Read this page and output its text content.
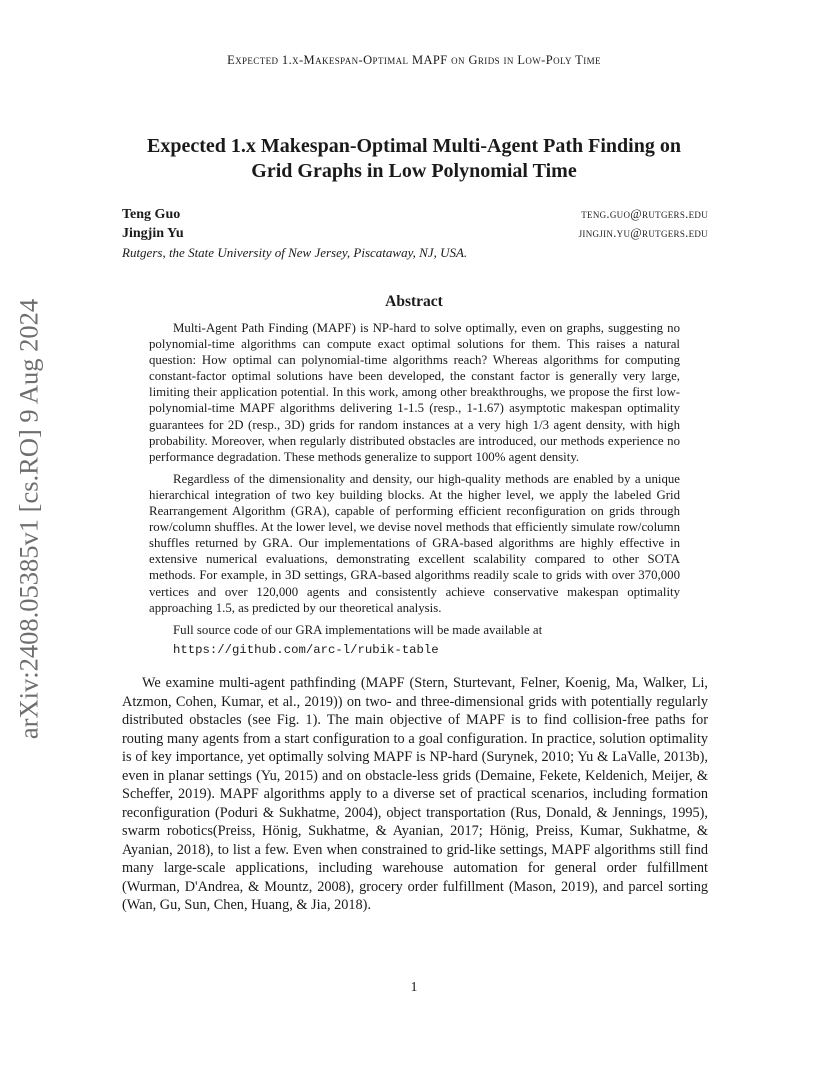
Expected 1.x-Makespan-Optimal MAPF on Grids in Low-Poly Time
arXiv:2408.05385v1 [cs.RO] 9 Aug 2024

Expected 1.x Makespan-Optimal Multi-Agent Path Finding on

Grid Graphs in Low Polynomial Time

Teng Guo	teng.guo@rutgers.edu
Jingjin Yu	jingjin.yu@rutgers.edu
Rutgers, the State University of New Jersey, Piscataway, NJ, USA.
Abstract

Multi-Agent Path Finding (MAPF) is NP-hard to solve optimally, even on graphs, suggesting no polynomial-time algorithms can compute exact optimal solutions for them. This raises a natural question: How optimal can polynomial-time algorithms reach? Whereas algorithms for computing constant-factor optimal solutions have been developed, the constant factor is generally very large, limiting their application potential. In this work, among other breakthroughs, we propose the first low-polynomial-time MAPF algorithms delivering 1-1.5 (resp., 1-1.67) asymptotic makespan optimality guarantees for 2D (resp., 3D) grids for random instances at a very high 1/3 agent density, with high probability. Moreover, when regularly distributed obstacles are introduced, our methods experience no performance degradation. These methods generalize to support 100% agent density.

Regardless of the dimensionality and density, our high-quality methods are enabled by a unique hierarchical integration of two key building blocks. At the higher level, we apply the labeled Grid Rearrangement Algorithm (GRA), capable of performing efficient reconfiguration on grids through row/column shuffles. At the lower level, we devise novel methods that efficiently simulate row/column shuffles returned by GRA. Our implementations of GRA-based algorithms are highly effective in extensive numerical evaluations, demonstrating excellent scalability compared to other SOTA methods. For example, in 3D settings, GRA-based algorithms readily scale to grids with over 370,000 vertices and over 120,000 agents and consistently achieve conservative makespan optimality approaching 1.5, as predicted by our theoretical analysis.

Full source code of our GRA implementations will be made available at

https://github.com/arc-l/rubik-table

We examine multi-agent pathfinding (MAPF (Stern, Sturtevant, Felner, Koenig, Ma, Walker, Li, Atzmon, Cohen, Kumar, et al., 2019)) on two- and three-dimensional grids with potentially regularly distributed obstacles (see Fig. 1). The main objective of MAPF is to find collision-free paths for routing many agents from a start configuration to a goal configuration. In practice, solution optimality is of key importance, yet optimally solving MAPF is NP-hard (Surynek, 2010; Yu & LaValle, 2013b), even in planar settings (Yu, 2015) and on obstacle-less grids (Demaine, Fekete, Keldenich, Meijer, & Scheffer, 2019). MAPF algorithms apply to a diverse set of practical scenarios, including formation reconfiguration (Poduri & Sukhatme, 2004), object transportation (Rus, Donald, & Jennings, 1995), swarm robotics(Preiss, Hönig, Sukhatme, & Ayanian, 2017; Hönig, Preiss, Kumar, Sukhatme, & Ayanian, 2018), to list a few. Even when constrained to grid-like settings, MAPF algorithms still find many large-scale applications, including warehouse automation for general order fulfillment (Wurman, D'Andrea, & Mountz, 2008), grocery order fulfillment (Mason, 2019), and parcel sorting (Wan, Gu, Sun, Chen, Huang, & Jia, 2018).

1
